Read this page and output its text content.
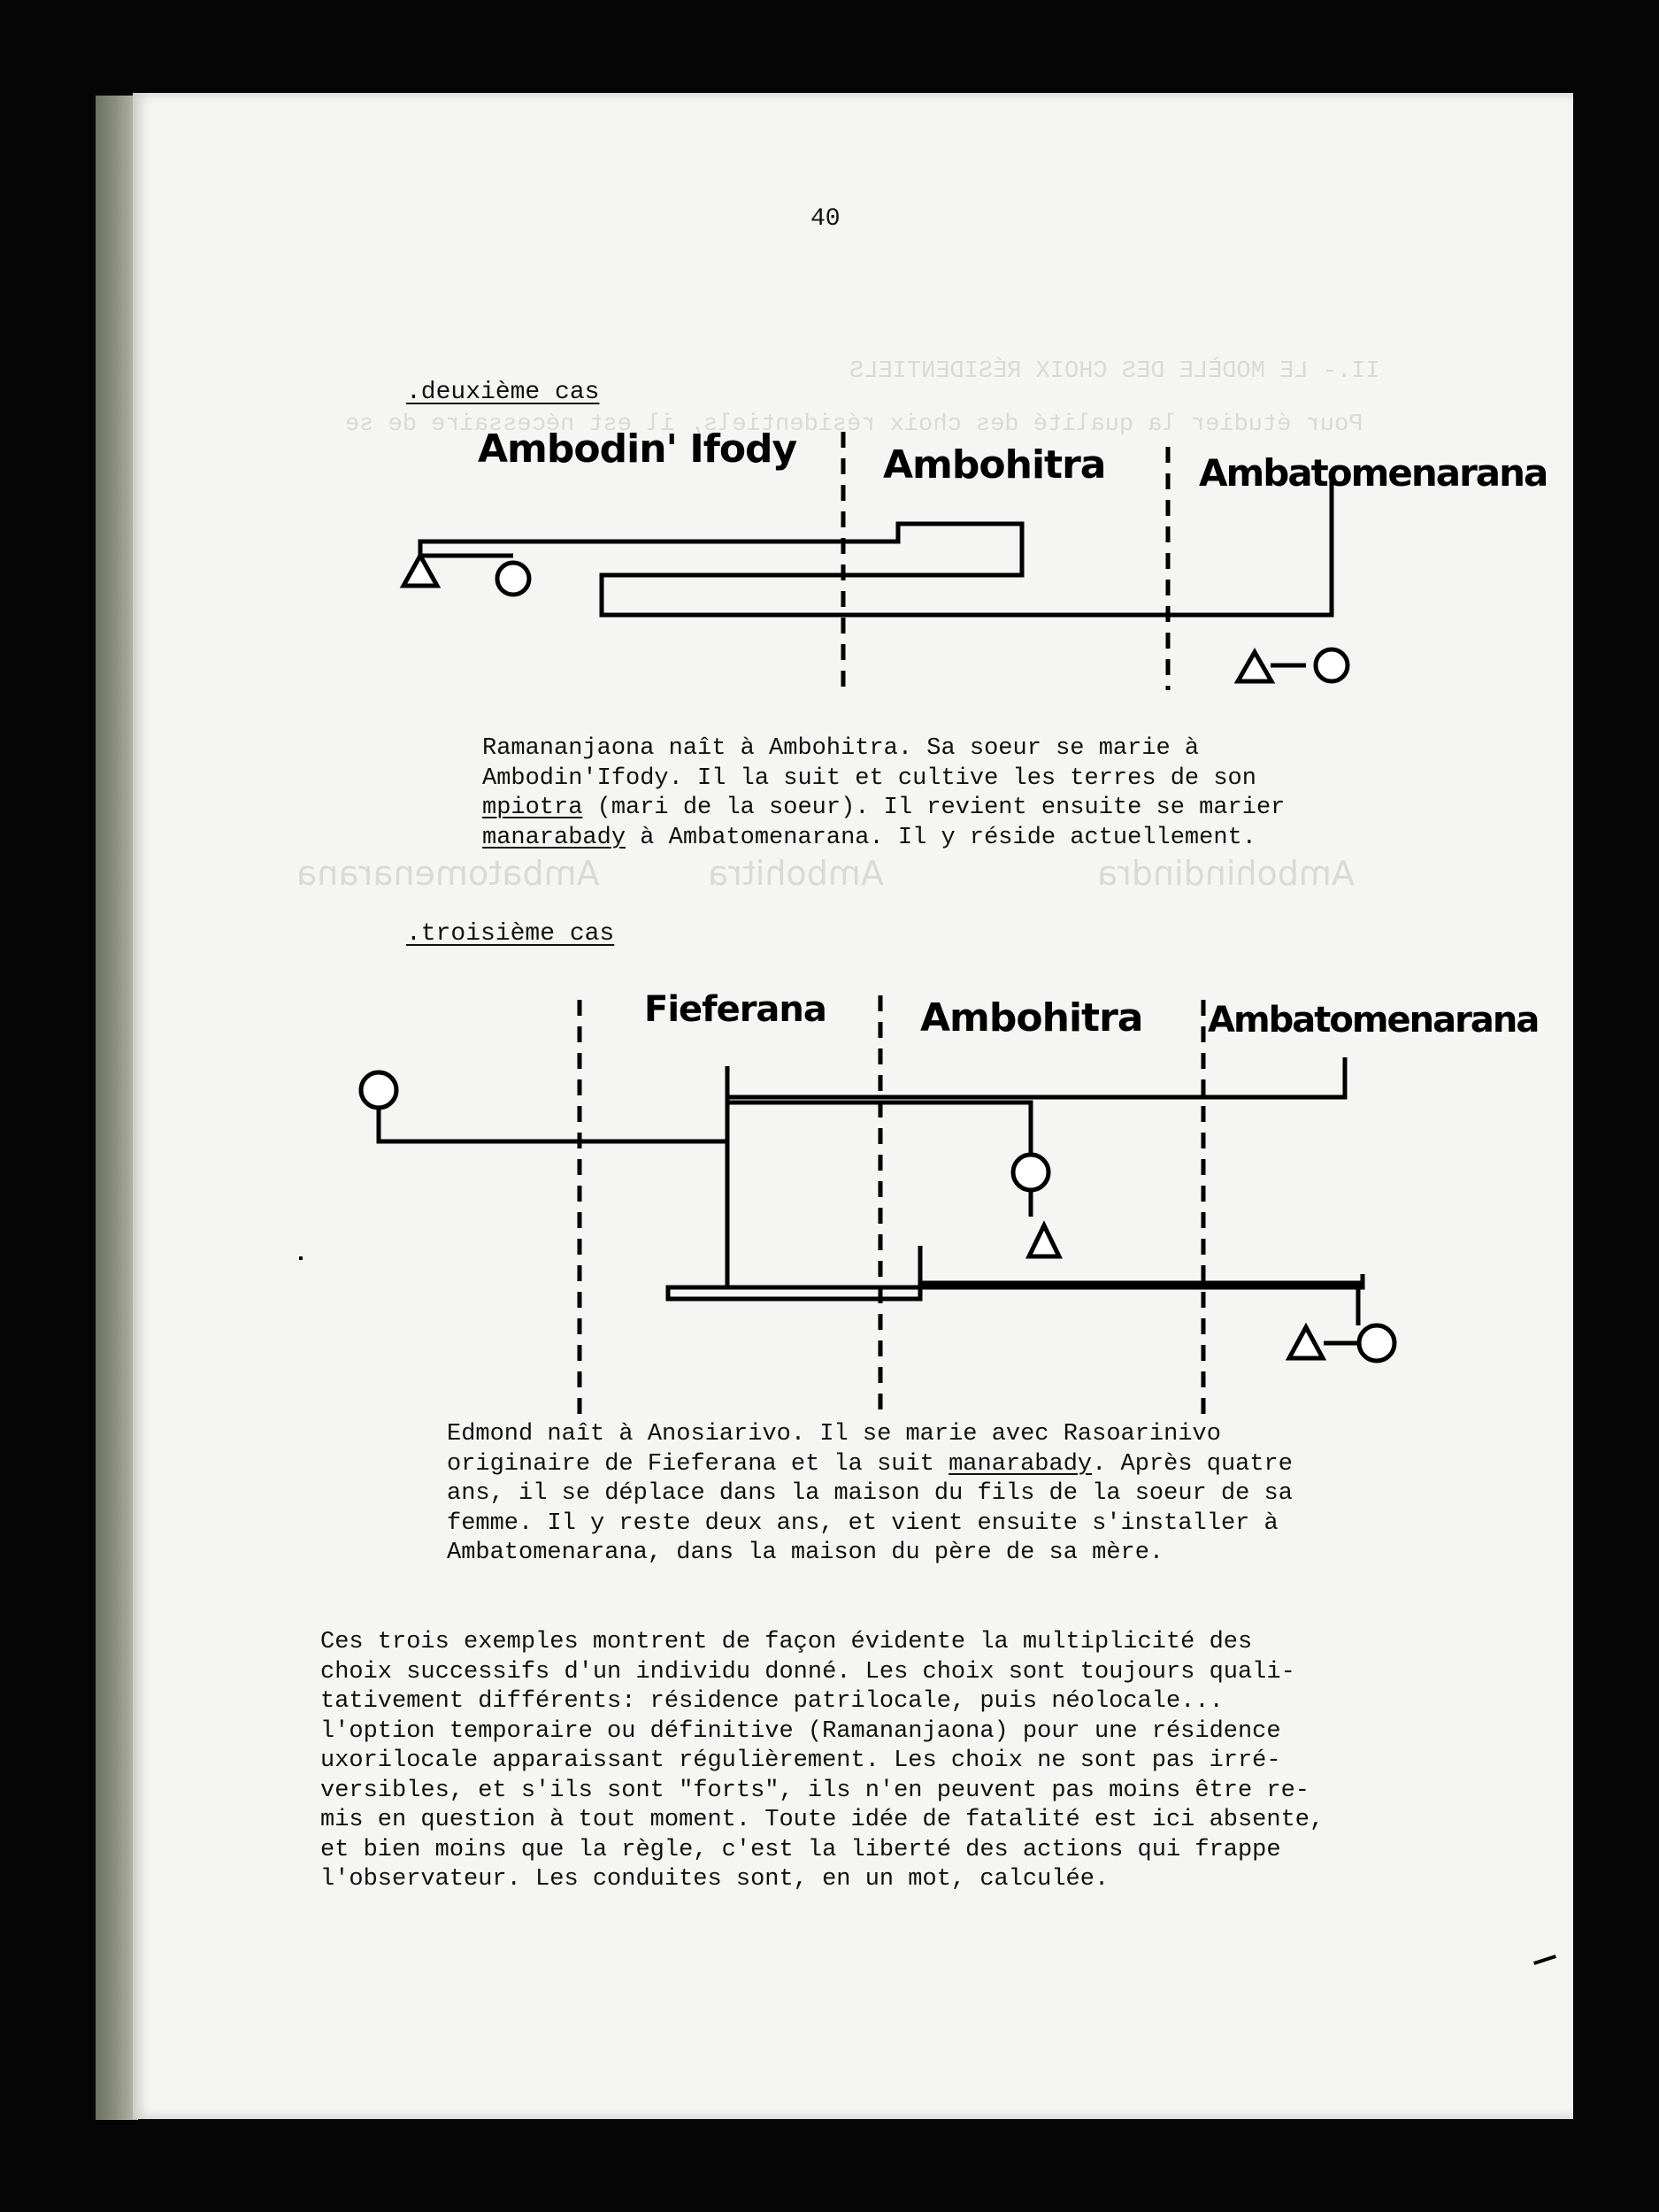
II.- LE MODÈLE DES CHOIX RÉSIDENTIELS
Pour étudier la qualité des choix résidentiels, il est nécessaire de se
Ambohindindra
Ambohitra
Ambatomenarana
40
.deuxième cas
Ambodin' Ifody Ambohitra	Ambatomenarana

Ramananjaona naît à Ambohitra. Sa soeur se marie à
Ambodin'Ifody. Il la suit et cultive les terres de son
mpiotra (mari de la soeur). Il revient ensuite se marier
manarabady à Ambatomenarana. Il y réside actuellement.

.troisième cas
Fieferana Ambohitra Ambatomenarana

Edmond naît à Anosiarivo. Il se marie avec Rasoarinivo
originaire de Fieferana et la suit manarabady. Après quatre
ans, il se déplace dans la maison du fils de la soeur de sa
femme. Il y reste deux ans, et vient ensuite s'installer à
Ambatomenarana, dans la maison du père de sa mère.

Ces trois exemples montrent de façon évidente la multiplicité des
choix successifs d'un individu donné. Les choix sont toujours quali-
tativement différents: résidence patrilocale, puis néolocale...
l'option temporaire ou définitive (Ramananjaona) pour une résidence
uxorilocale apparaissant régulièrement. Les choix ne sont pas irré-
versibles, et s'ils sont "forts", ils n'en peuvent pas moins être re-
mis en question à tout moment. Toute idée de fatalité est ici absente,
et bien moins que la règle, c'est la liberté des actions qui frappe
l'observateur. Les conduites sont, en un mot, calculée.
